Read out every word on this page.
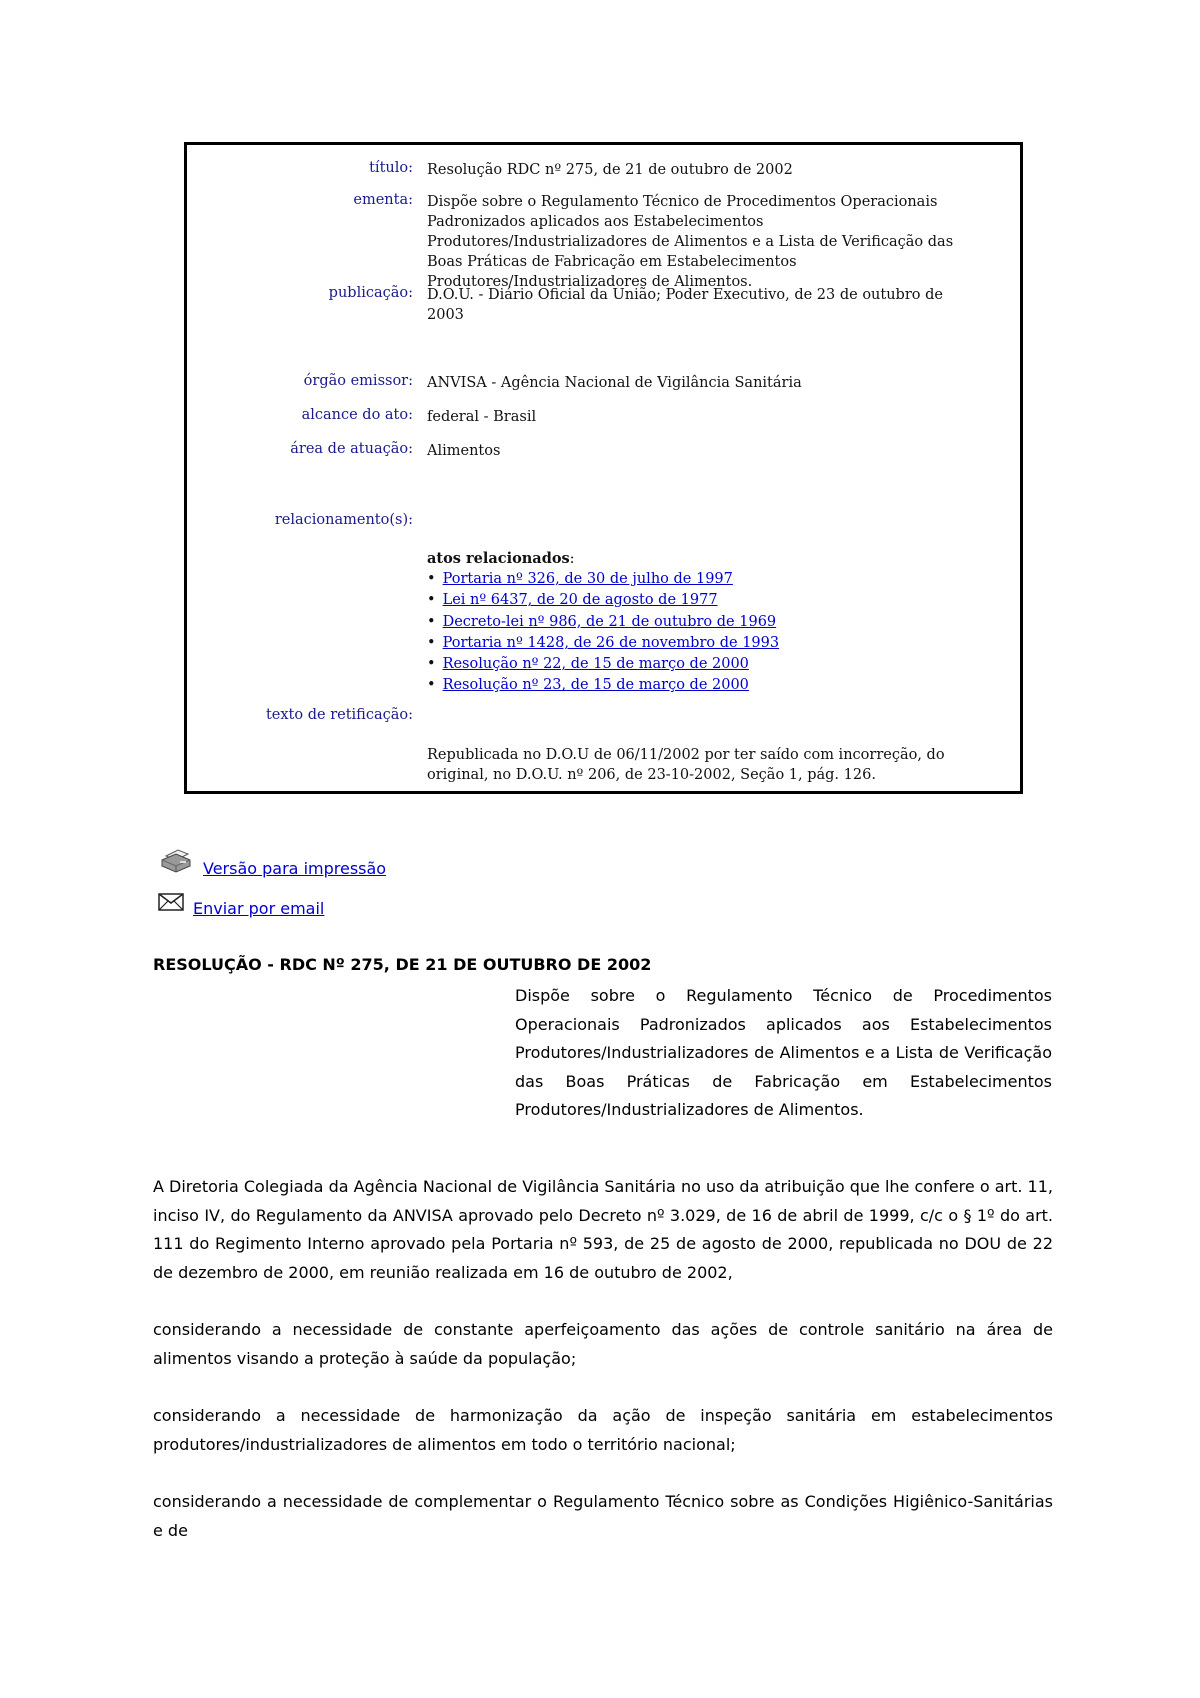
título: Resolução RDC nº 275, de 21 de outubro de 2002
ementa: Dispõe sobre o Regulamento Técnico de Procedimentos Operacionais Padronizados aplicados aos Estabelecimentos Produtores/Industrializadores de Alimentos e a Lista de Verificação das Boas Práticas de Fabricação em Estabelecimentos Produtores/Industrializadores de Alimentos.
publicação: D.O.U. - Diário Oficial da União; Poder Executivo, de 23 de outubro de 2003
órgão emissor: ANVISA - Agência Nacional de Vigilância Sanitária
alcance do ato: federal - Brasil
área de atuação: Alimentos
relacionamento(s):
atos relacionados:
• Portaria nº 326, de 30 de julho de 1997
• Lei nº 6437, de 20 de agosto de 1977
• Decreto-lei nº 986, de 21 de outubro de 1969
• Portaria nº 1428, de 26 de novembro de 1993
• Resolução nº 22, de 15 de março de 2000
• Resolução nº 23, de 15 de março de 2000
texto de retificação:
Republicada no D.O.U de 06/11/2002 por ter saído com incorreção, do original, no D.O.U. nº 206, de 23-10-2002, Seção 1, pág. 126.
Versão para impressão
Enviar por email
RESOLUÇÃO - RDC Nº 275, DE 21 DE OUTUBRO DE 2002
Dispõe sobre o Regulamento Técnico de Procedimentos Operacionais Padronizados aplicados aos Estabelecimentos Produtores/Industrializadores de Alimentos e a Lista de Verificação das Boas Práticas de Fabricação em Estabelecimentos Produtores/Industrializadores de Alimentos.
A Diretoria Colegiada da Agência Nacional de Vigilância Sanitária no uso da atribuição que lhe confere o art. 11, inciso IV, do Regulamento da ANVISA aprovado pelo Decreto nº 3.029, de 16 de abril de 1999, c/c o § 1º do art. 111 do Regimento Interno aprovado pela Portaria nº 593, de 25 de agosto de 2000, republicada no DOU de 22 de dezembro de 2000, em reunião realizada em 16 de outubro de 2002,
considerando a necessidade de constante aperfeiçoamento das ações de controle sanitário na área de alimentos visando a proteção à saúde da população;
considerando a necessidade de harmonização da ação de inspeção sanitária em estabelecimentos produtores/industrializadores de alimentos em todo o território nacional;
considerando a necessidade de complementar o Regulamento Técnico sobre as Condições Higiênico-Sanitárias e de
